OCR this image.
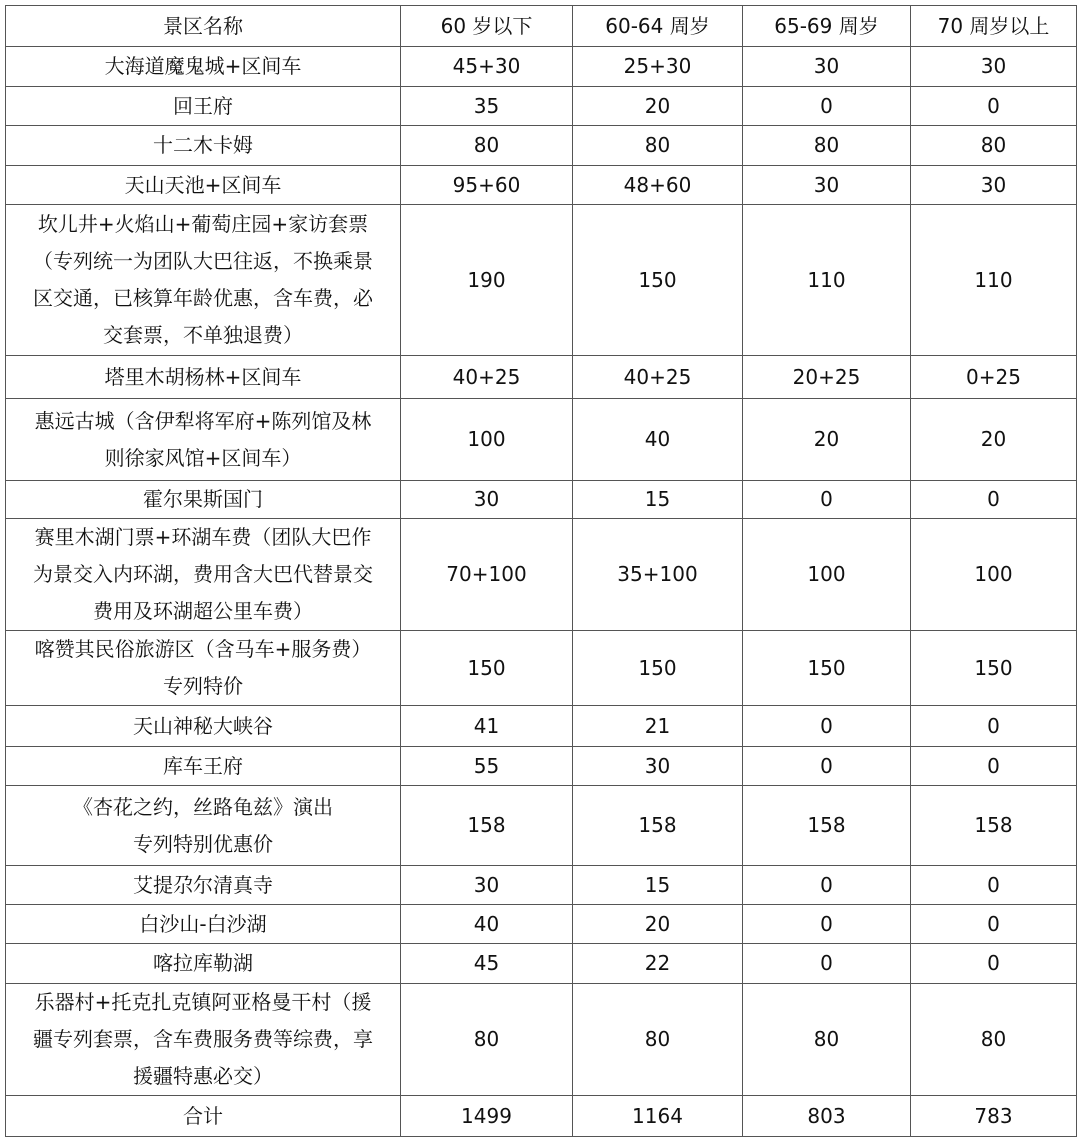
景区名称	60 岁以下	60-64 周岁	65-69 周岁	70 周岁以上
大海道魔鬼城+区间车	45+30	25+30	30	30
回王府	35	20	0	0
十二木卡姆	80	80	80	80
天山天池+区间车	95+60	48+60	30	30
坎儿井+火焰山+葡萄庄园+家访套票
（专列统一为团队大巴往返，不换乘景
区交通，已核算年龄优惠，含车费，必
交套票，不单独退费）	190	150	110	110
塔里木胡杨林+区间车	40+25	40+25	20+25	0+25
惠远古城（含伊犁将军府+陈列馆及林
则徐家风馆+区间车）	100	40	20	20
霍尔果斯国门	30	15	0	0
赛里木湖门票+环湖车费（团队大巴作
为景交入内环湖，费用含大巴代替景交
费用及环湖超公里车费）	70+100	35+100	100	100
喀赞其民俗旅游区（含马车+服务费）
专列特价	150	150	150	150
天山神秘大峡谷	41	21	0	0
库车王府	55	30	0	0
《杏花之约，丝路龟兹》演出
专列特别优惠价	158	158	158	158
艾提尕尔清真寺	30	15	0	0
白沙山-白沙湖	40	20	0	0
喀拉库勒湖	45	22	0	0
乐器村+托克扎克镇阿亚格曼干村（援
疆专列套票，含车费服务费等综费，享
援疆特惠必交）	80	80	80	80
合计	1499	1164	803	783
